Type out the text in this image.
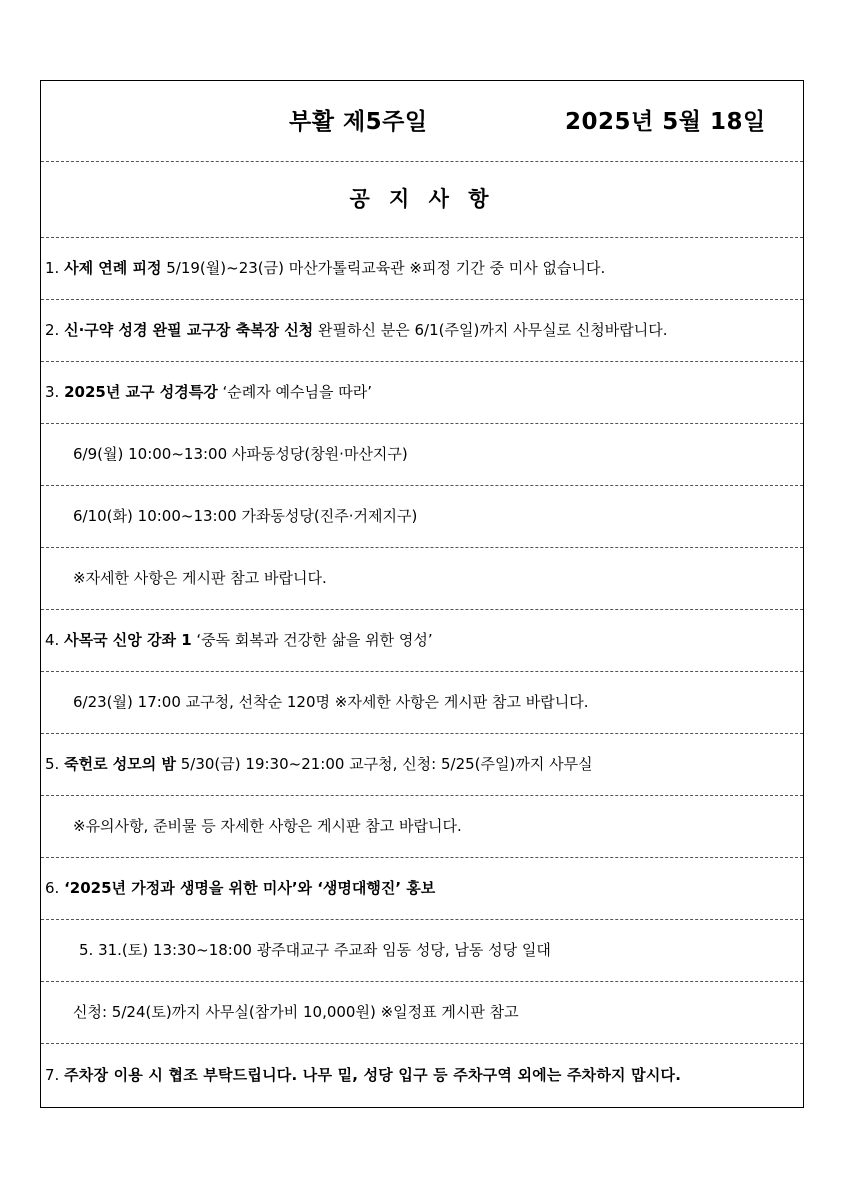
부활 제5주일	2025년 5월 18일
공 지 사 항
1. 사제 연례 피정 5/19(월)~23(금) 마산가톨릭교육관 ※피정 기간 중 미사 없습니다.
2. 신·구약 성경 완필 교구장 축복장 신청 완필하신 분은 6/1(주일)까지 사무실로 신청바랍니다.
3. 2025년 교구 성경특강 ‘순례자 예수님을 따라’
6/9(월) 10:00~13:00 사파동성당(창원·마산지구)
6/10(화) 10:00~13:00 가좌동성당(진주·거제지구)
※자세한 사항은 게시판 참고 바랍니다.
4. 사목국 신앙 강좌 1 ‘중독 회복과 건강한 삶을 위한 영성’
6/23(월) 17:00 교구청, 선착순 120명 ※자세한 사항은 게시판 참고 바랍니다.
5. 죽헌로 성모의 밤 5/30(금) 19:30~21:00 교구청, 신청: 5/25(주일)까지 사무실
※유의사항, 준비물 등 자세한 사항은 게시판 참고 바랍니다.
6. ‘2025년 가정과 생명을 위한 미사’와 ‘생명대행진’ 홍보
5. 31.(토) 13:30~18:00 광주대교구 주교좌 임동 성당, 남동 성당 일대
신청: 5/24(토)까지 사무실(참가비 10,000원) ※일정표 게시판 참고
7. 주차장 이용 시 협조 부탁드립니다. 나무 밑, 성당 입구 등 주차구역 외에는 주차하지 맙시다.
